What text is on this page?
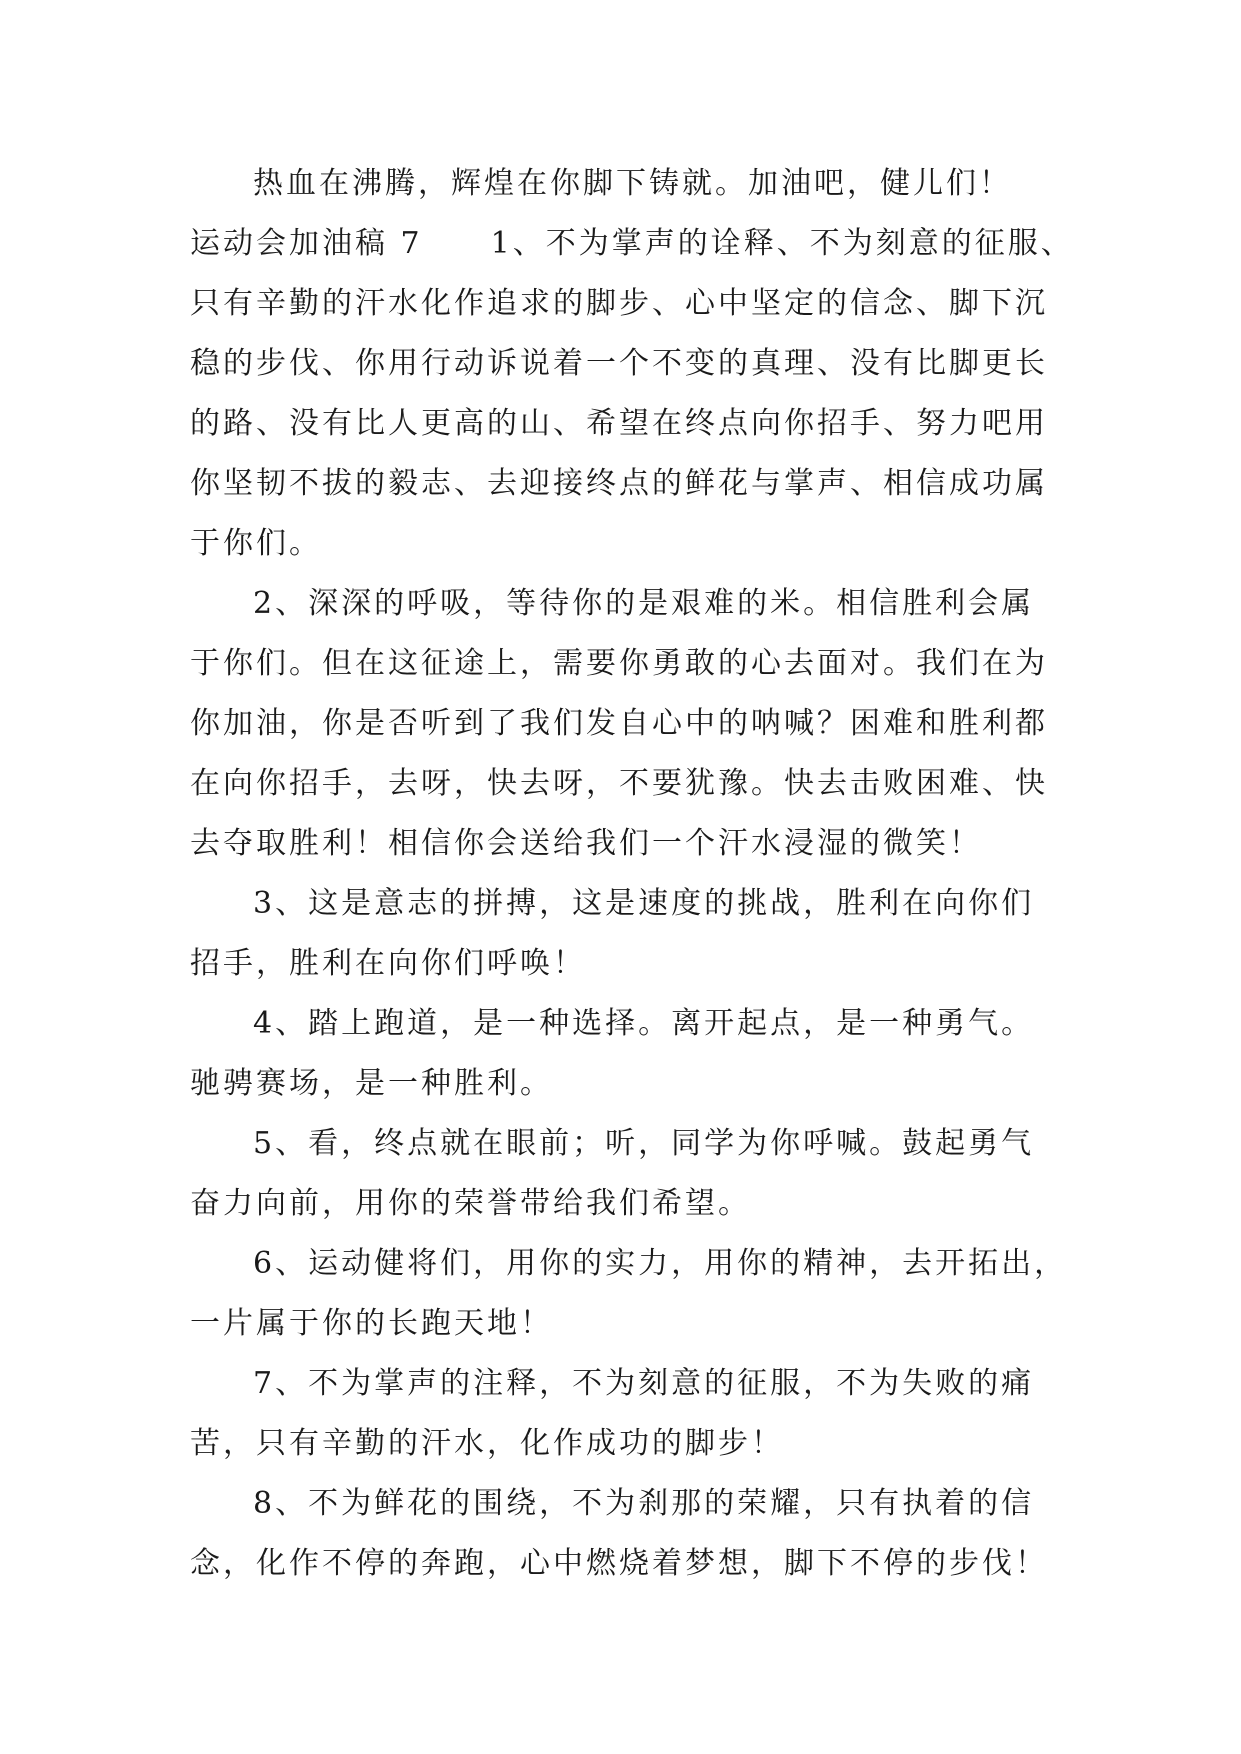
热血在沸腾，辉煌在你脚下铸就。加油吧，健儿们！
运动会加油稿 7 1、不为掌声的诠释、不为刻意的征服、
只有辛勤的汗水化作追求的脚步、心中坚定的信念、脚下沉
稳的步伐、你用行动诉说着一个不变的真理、没有比脚更长
的路、没有比人更高的山、希望在终点向你招手、努力吧用
你坚韧不拔的毅志、去迎接终点的鲜花与掌声、相信成功属
于你们。
2、深深的呼吸，等待你的是艰难的米。相信胜利会属
于你们。但在这征途上，需要你勇敢的心去面对。我们在为
你加油，你是否听到了我们发自心中的呐喊？困难和胜利都
在向你招手，去呀，快去呀，不要犹豫。快去击败困难、快
去夺取胜利！相信你会送给我们一个汗水浸湿的微笑！
3、这是意志的拼搏，这是速度的挑战，胜利在向你们
招手，胜利在向你们呼唤！
4、踏上跑道，是一种选择。离开起点，是一种勇气。
驰骋赛场，是一种胜利。
5、看，终点就在眼前；听，同学为你呼喊。鼓起勇气
奋力向前，用你的荣誉带给我们希望。
6、运动健将们，用你的实力，用你的精神，去开拓出，
一片属于你的长跑天地！
7、不为掌声的注释，不为刻意的征服，不为失败的痛
苦，只有辛勤的汗水，化作成功的脚步！
8、不为鲜花的围绕，不为刹那的荣耀，只有执着的信
念，化作不停的奔跑，心中燃烧着梦想，脚下不停的步伐！
